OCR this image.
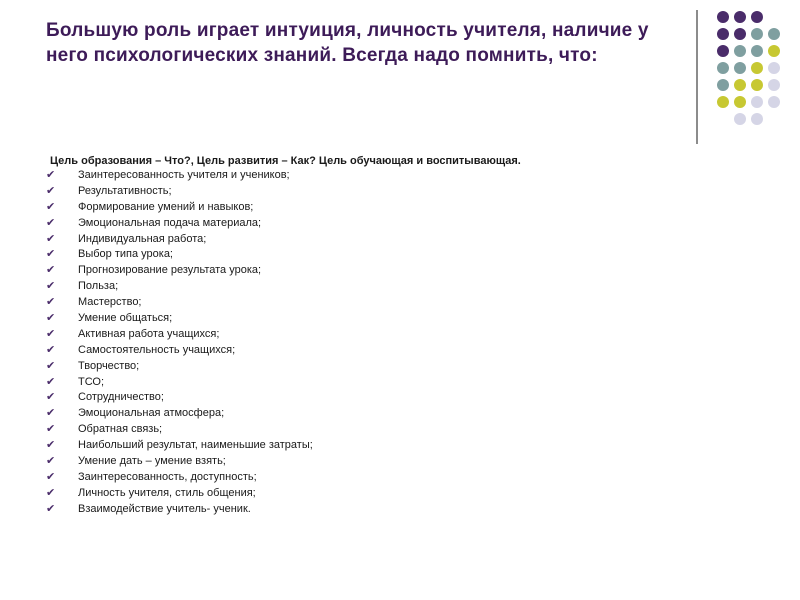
Большую роль играет интуиция, личность учителя, наличие у него психологических знаний. Всегда надо помнить, что:
Цель образования – Что?, Цель развития – Как? Цель обучающая и воспитывающая.
✔	Заинтересованность учителя и учеников;
✔	Результативность;
✔	Формирование умений и навыков;
✔	Эмоциональная подача материала;
✔	Индивидуальная работа;
✔	Выбор типа урока;
✔	Прогнозирование результата урока;
✔	Польза;
✔	Мастерство;
✔	Умение общаться;
✔	Активная работа учащихся;
✔	Самостоятельность учащихся;
✔	Творчество;
✔	ТСО;
✔	Сотрудничество;
✔	Эмоциональная атмосфера;
✔	Обратная связь;
✔	Наибольший результат, наименьшие затраты;
✔	Умение дать – умение взять;
✔	Заинтересованность, доступность;
✔	Личность учителя, стиль общения;
✔	Взаимодействие учитель- ученик.
